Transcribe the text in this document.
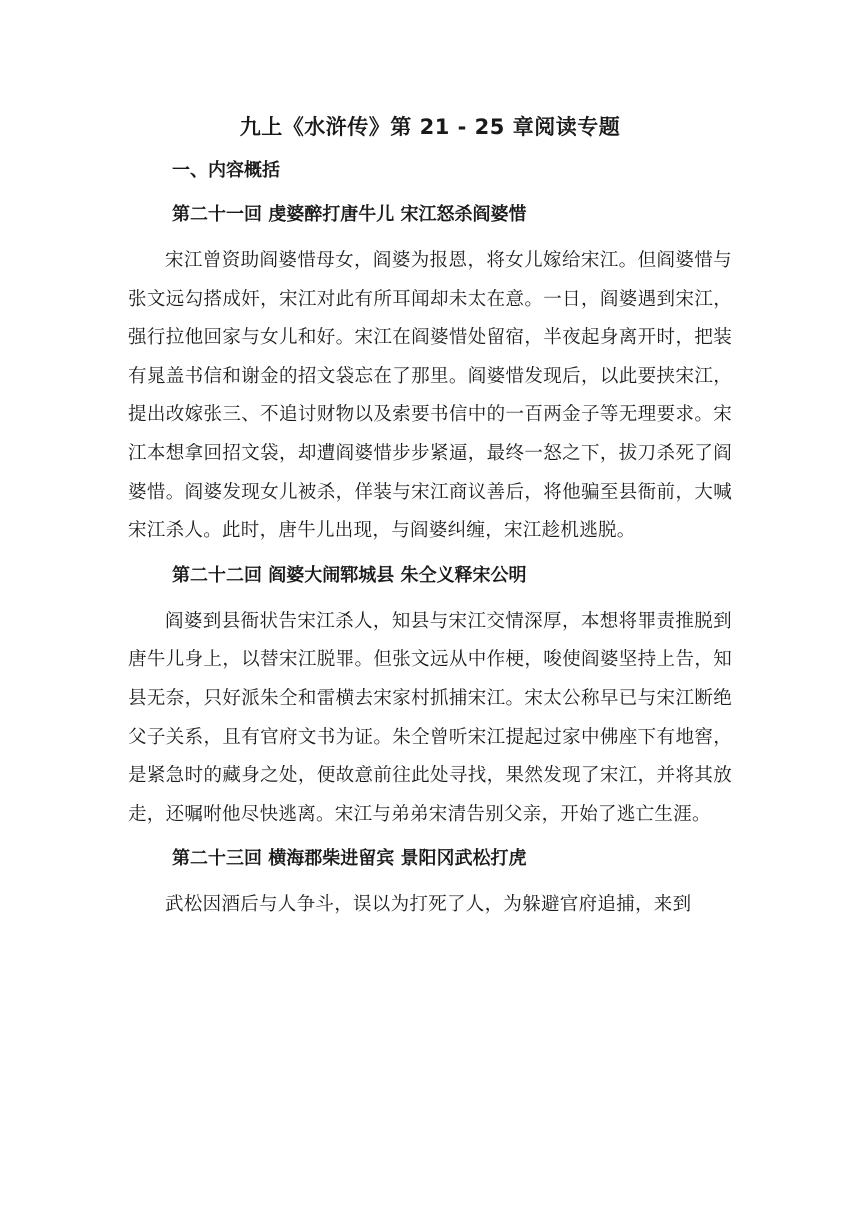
九上《水浒传》第 21 - 25 章阅读专题
一、内容概括
第二十一回 虔婆醉打唐牛儿 宋江怒杀阎婆惜

宋江曾资助阎婆惜母女，阎婆为报恩，将女儿嫁给宋江。但阎婆惜与张文远勾搭成奸，宋江对此有所耳闻却未太在意。一日，阎婆遇到宋江，强行拉他回家与女儿和好。宋江在阎婆惜处留宿，半夜起身离开时，把装有晁盖书信和谢金的招文袋忘在了那里。阎婆惜发现后，以此要挟宋江，提出改嫁张三、不追讨财物以及索要书信中的一百两金子等无理要求。宋江本想拿回招文袋，却遭阎婆惜步步紧逼，最终一怒之下，拔刀杀死了阎婆惜。阎婆发现女儿被杀，佯装与宋江商议善后，将他骗至县衙前，大喊宋江杀人。此时，唐牛儿出现，与阎婆纠缠，宋江趁机逃脱。

第二十二回 阎婆大闹郓城县 朱仝义释宋公明

阎婆到县衙状告宋江杀人，知县与宋江交情深厚，本想将罪责推脱到唐牛儿身上，以替宋江脱罪。但张文远从中作梗，唆使阎婆坚持上告，知县无奈，只好派朱仝和雷横去宋家村抓捕宋江。宋太公称早已与宋江断绝父子关系，且有官府文书为证。朱仝曾听宋江提起过家中佛座下有地窖，是紧急时的藏身之处，便故意前往此处寻找，果然发现了宋江，并将其放走，还嘱咐他尽快逃离。宋江与弟弟宋清告别父亲，开始了逃亡生涯。

第二十三回 横海郡柴进留宾 景阳冈武松打虎

武松因酒后与人争斗，误以为打死了人，为躲避官府追捕，来到
